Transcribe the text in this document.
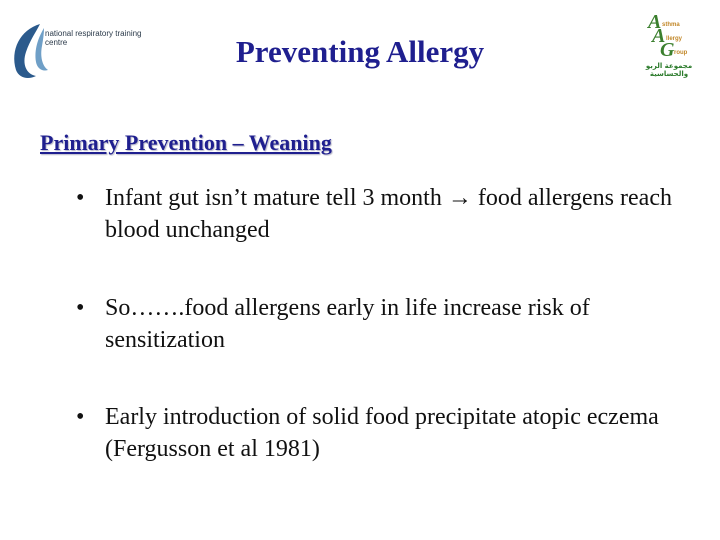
national respiratory training centre	Preventing Allergy
A sthma
A llergy
G roup
مجموعة الربو والحساسية
Primary Prevention – Weaning
• Infant gut isn’t mature tell 3 month → food allergens reach blood unchanged
• So…….food allergens early in life increase risk of sensitization
• Early introduction of solid food precipitate atopic eczema (Fergusson et al 1981)
